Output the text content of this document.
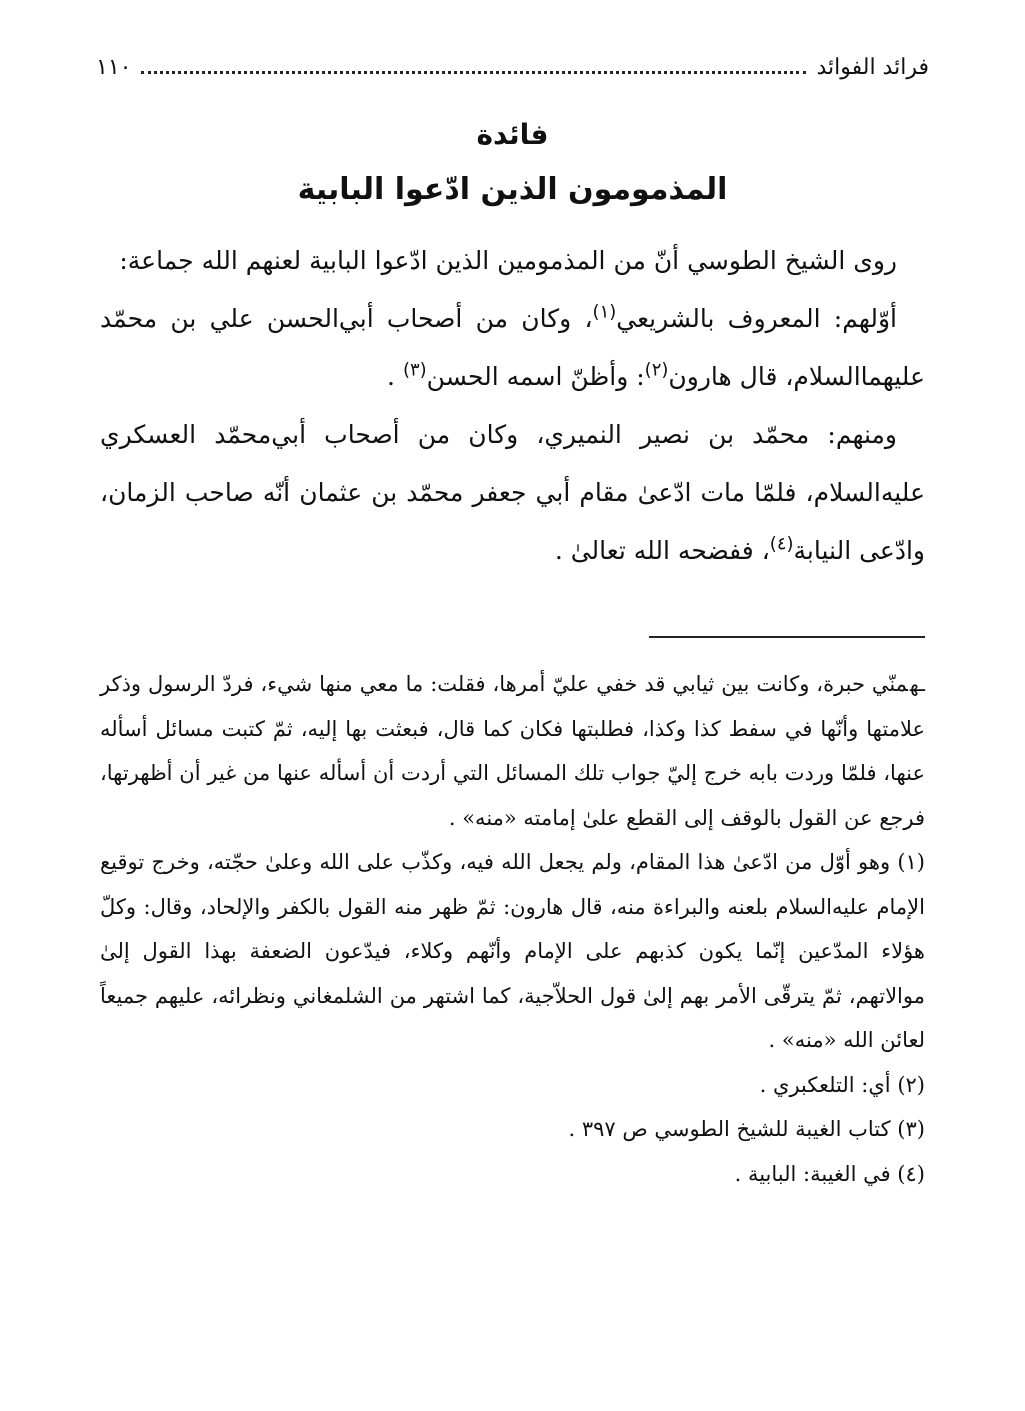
فرائد الفوائد
١١٠
فائدة
المذمومون الذين ادّعوا البابية

روى الشيخ الطوسي أنّ من المذمومين الذين ادّعوا البابية لعنهم الله جماعة:

أوّلهم: المعروف بالشريعي$^{(١)}$، وكان من أصحاب أبي‌الحسن علي بن محمّد عليهما‌السلام، قال هارون$^{(٢)}$: وأظنّ اسمه الحسن$^{(٣)}$ .

ومنهم: محمّد بن نصير النميري، وكان من أصحاب أبي‌محمّد العسكري عليه‌السلام، فلمّا مات ادّعىٰ مقام أبي جعفر محمّد بن عثمان أنّه صاحب الزمان، وادّعى النيابة$^{(٤)}$، ففضحه الله تعالىٰ .

ـهمنّي حبرة، وكانت بين ثيابي قد خفي عليّ أمرها، فقلت: ما معي منها شيء، فردّ الرسول وذكر علامتها وأنّها في سفط كذا وكذا، فطلبتها فكان كما قال، فبعثت بها إليه، ثمّ كتبت مسائل أسأله عنها، فلمّا وردت بابه خرج إليّ جواب تلك المسائل التي أردت أن أسأله عنها من غير أن أظهرتها، فرجع عن القول بالوقف إلى القطع علىٰ إمامته «منه» .

(١) وهو أوّل من ادّعىٰ هذا المقام، ولم يجعل الله فيه، وكذّب على الله وعلىٰ حجّته، وخرج توقيع الإمام عليه‌السلام بلعنه والبراءة منه، قال هارون: ثمّ ظهر منه القول بالكفر والإلحاد، وقال: وكلّ هؤلاء المدّعين إنّما يكون كذبهم على الإمام وأنّهم وكلاء، فيدّعون الضعفة بهذا القول إلىٰ موالاتهم، ثمّ يترقّى الأمر بهم إلىٰ قول الحلاّجية، كما اشتهر من الشلمغاني ونظرائه، عليهم جميعاً لعائن الله «منه» .

(٢) أي: التلعكبري .

(٣) كتاب الغيبة للشيخ الطوسي ص ٣٩٧ .

(٤) في الغيبة: البابية .
